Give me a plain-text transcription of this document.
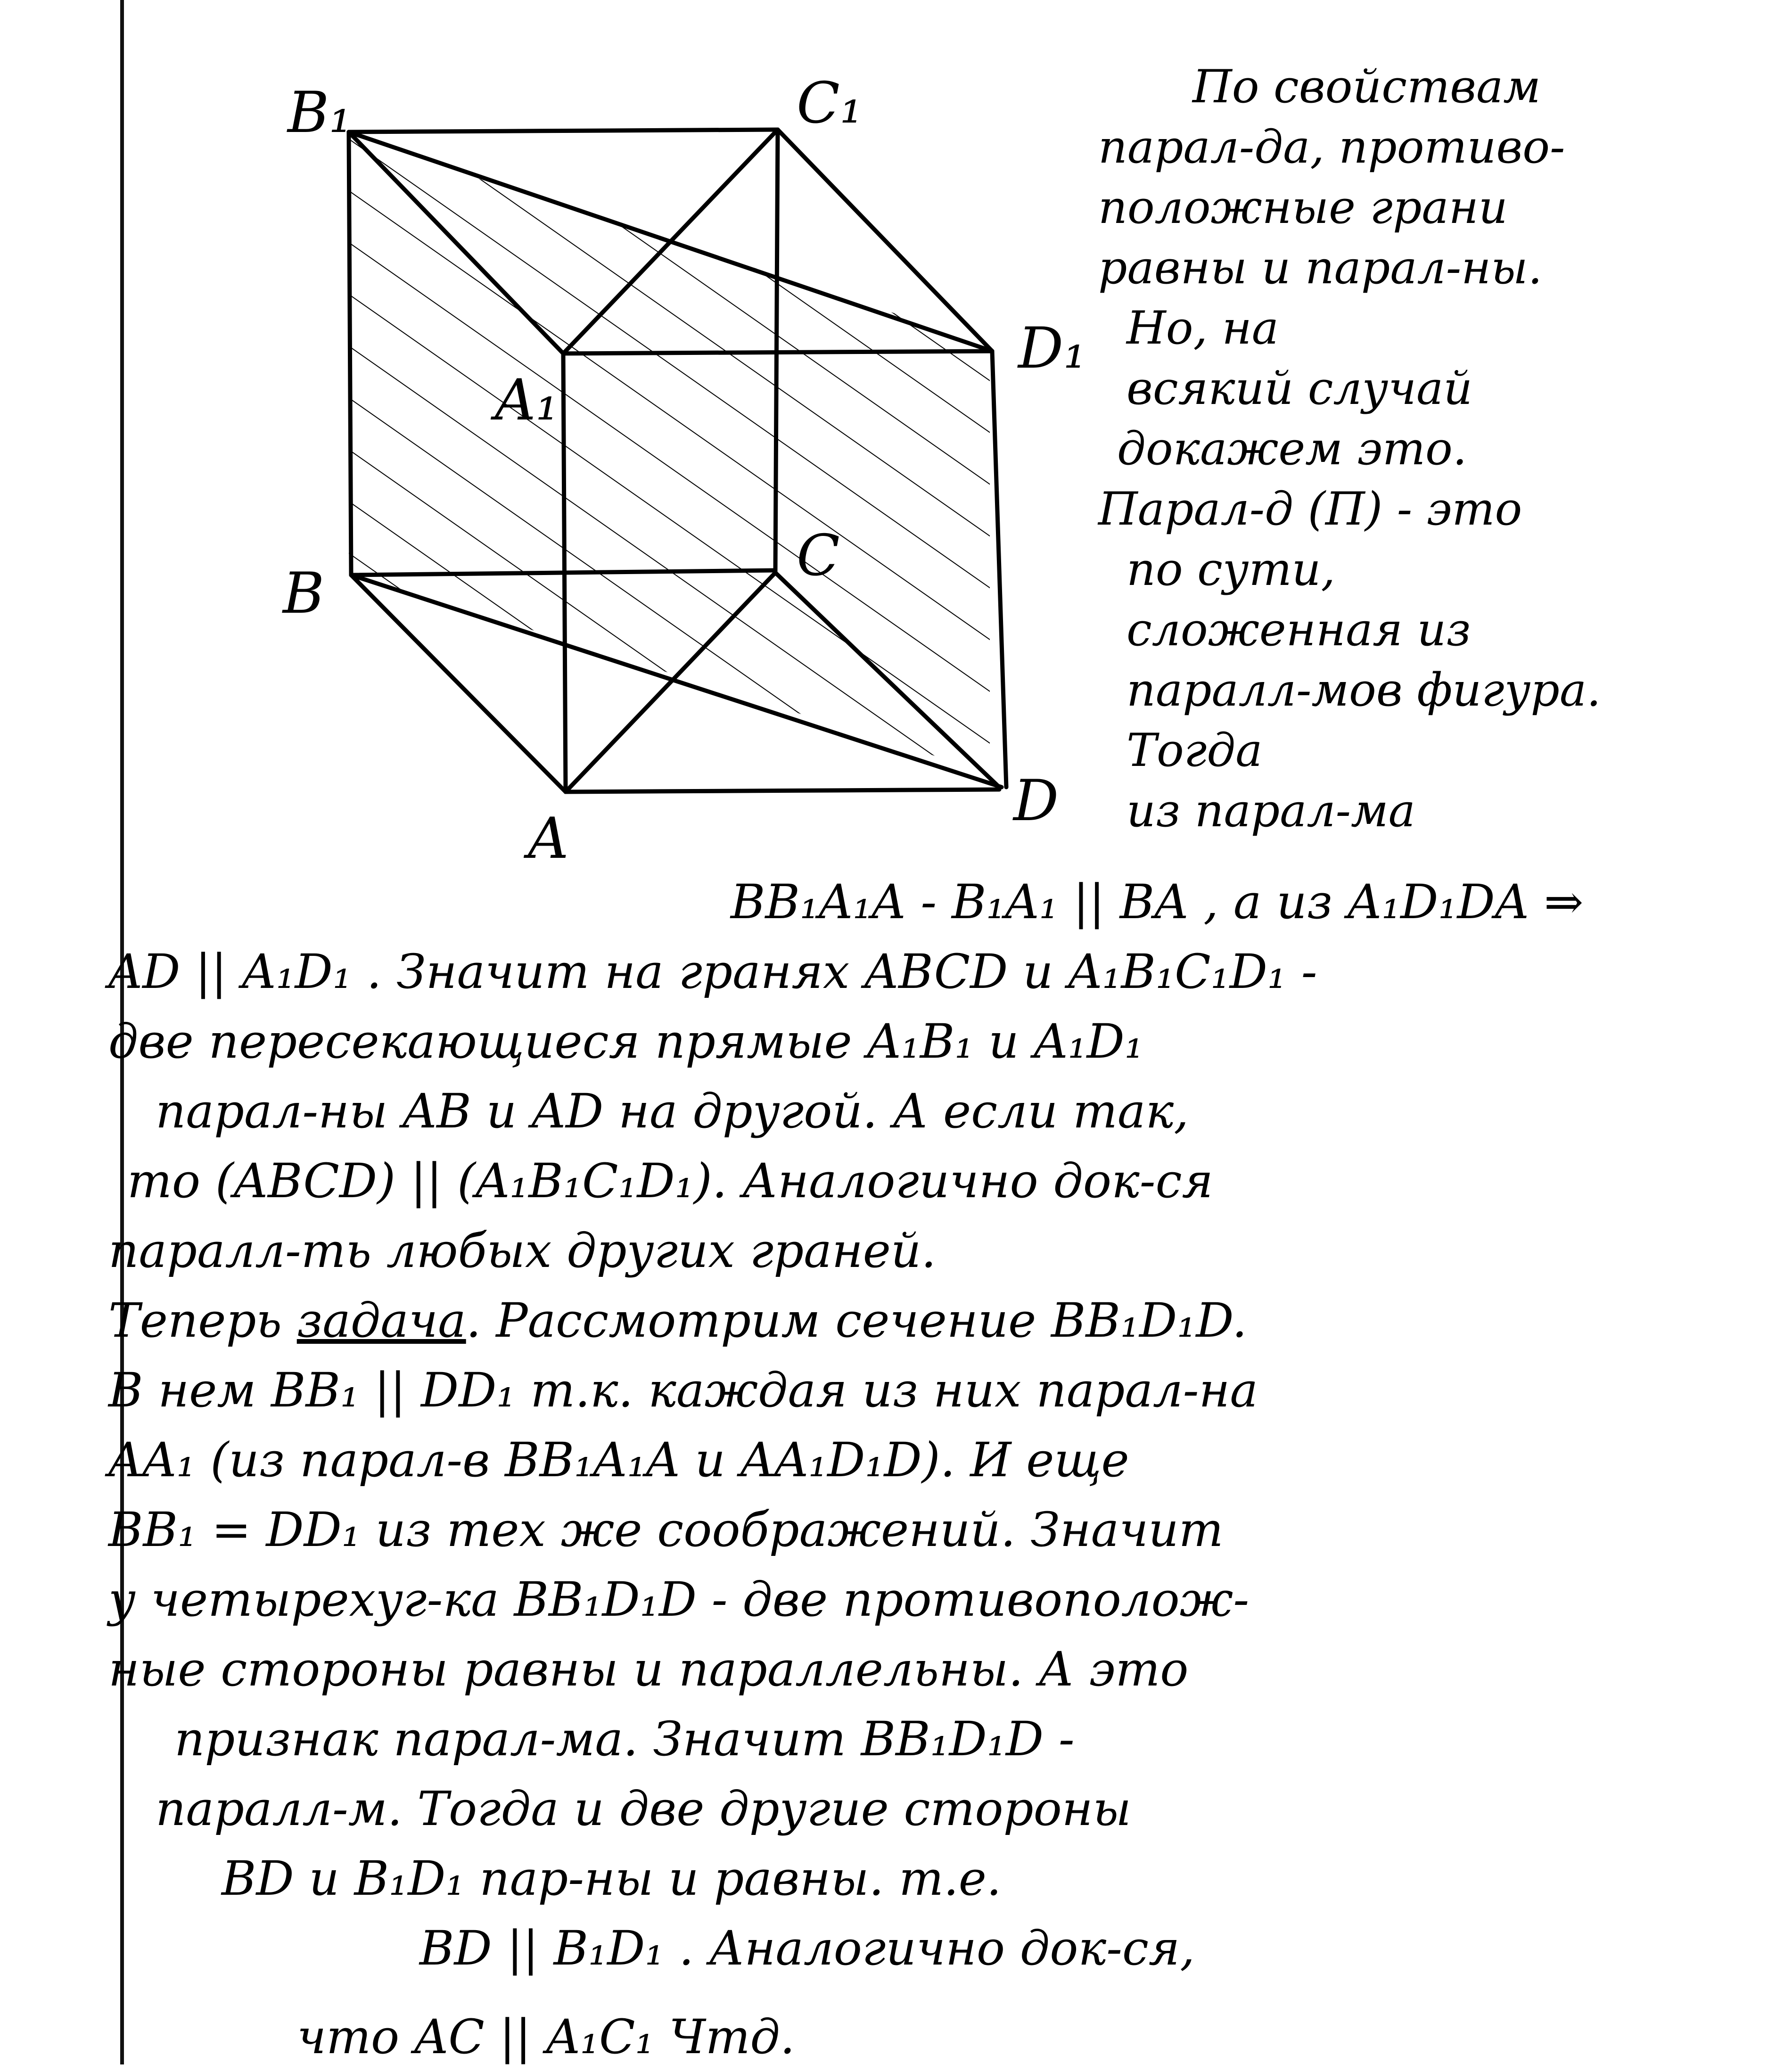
B₁	C₁
A₁
D₁
B
C
A
D
По свойствам
парал-да, противо-
положные грани
равны и парал-ны.
Но, на
всякий случай
докажем это.
Парал-д (П) - это
по сути,
сложенная из
паралл-мов фигура.
Тогда
из парал-ма
BB₁A₁A - B₁A₁ || BA , а из A₁D₁DA ⇒
AD || A₁D₁ . Значит на гранях ABCD и A₁B₁C₁D₁ -
две пересекающиеся прямые A₁B₁ и A₁D₁
парал-ны AB и AD на другой. А если так,
то (ABCD) || (A₁B₁C₁D₁). Аналогично док-ся
паралл-ть любых других граней.
Теперь задача. Рассмотрим сечение BB₁D₁D.
В нем BB₁ || DD₁ т.к. каждая из них парал-на
AA₁ (из парал-в BB₁A₁A и AA₁D₁D). И еще
BB₁ = DD₁ из тех же соображений. Значит
у четырехуг-ка BB₁D₁D - две противополож-
ные стороны равны и параллельны. А это
признак парал-ма. Значит BB₁D₁D -
паралл-м. Тогда и две другие стороны
BD и B₁D₁ пар-ны и равны. т.е.
BD || B₁D₁ . Аналогично док-ся,
что AC || A₁C₁ Чтд.
